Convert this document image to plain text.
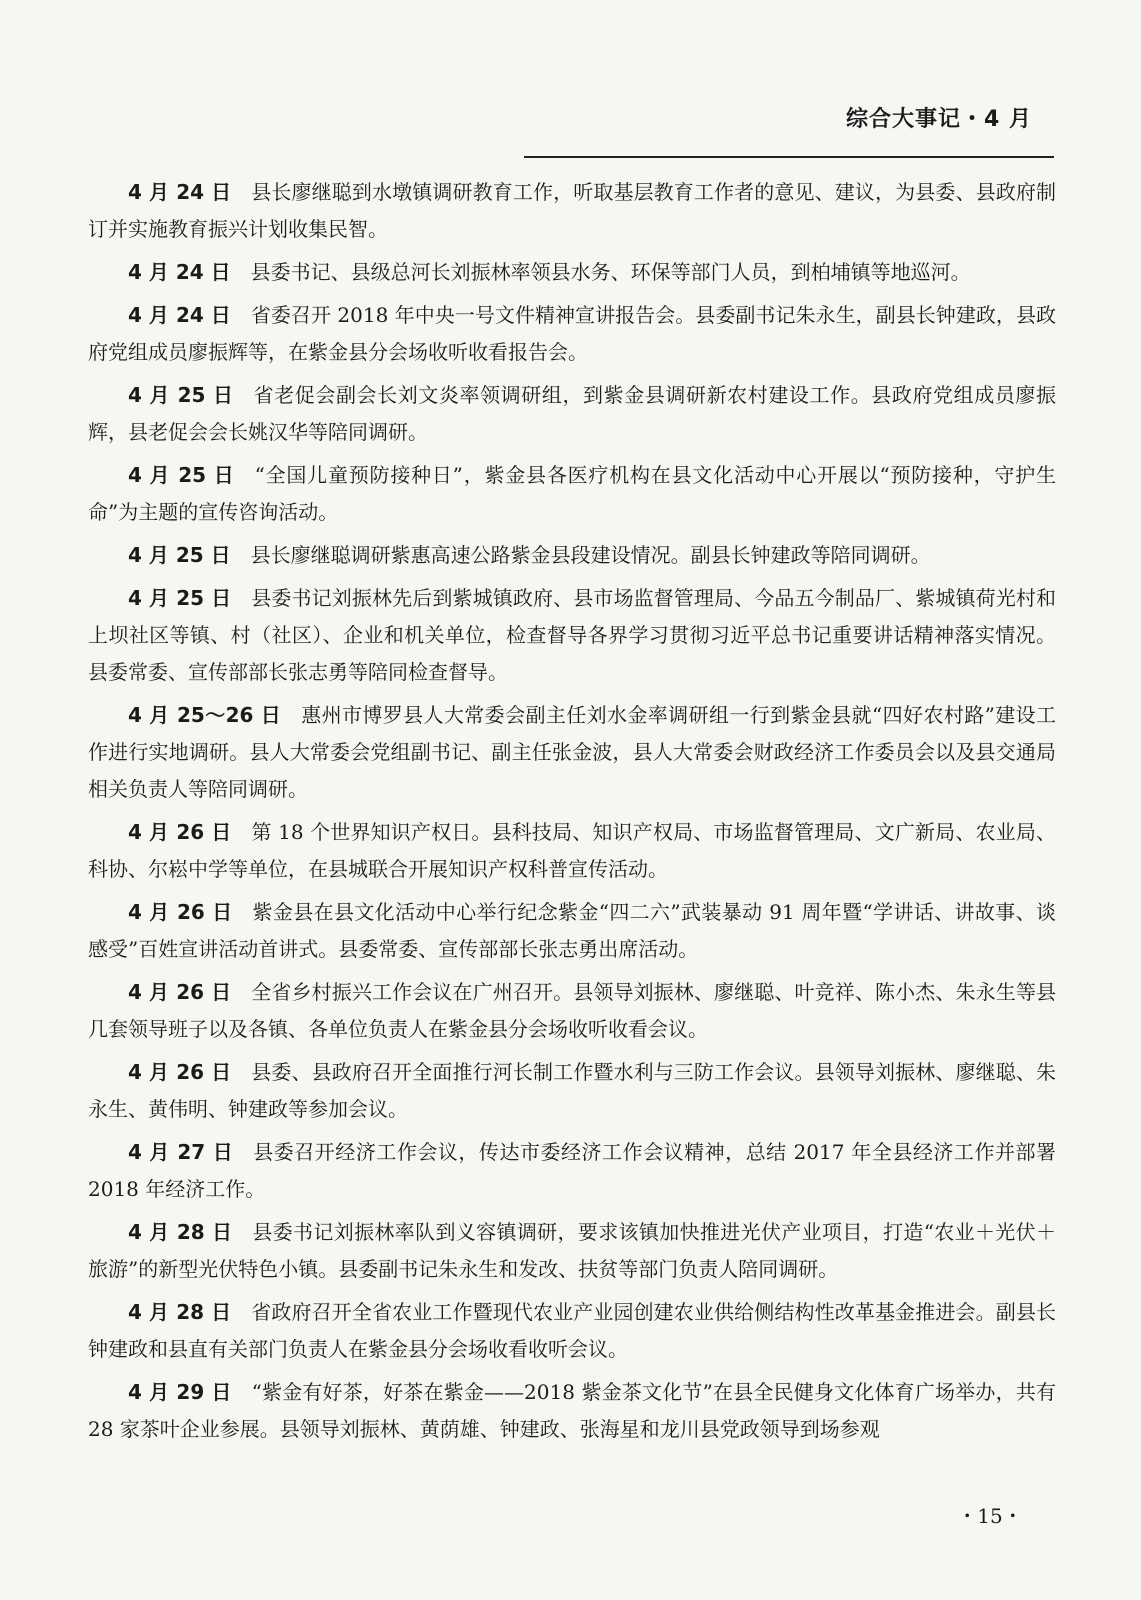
综合大事记・4 月

4 月 24 日 县长廖继聪到水墩镇调研教育工作，听取基层教育工作者的意见、建议，为县委、县政府制订并实施教育振兴计划收集民智。

4 月 24 日 县委书记、县级总河长刘振林率领县水务、环保等部门人员，到柏埔镇等地巡河。

4 月 24 日 省委召开 2018 年中央一号文件精神宣讲报告会。县委副书记朱永生，副县长钟建政，县政府党组成员廖振辉等，在紫金县分会场收听收看报告会。

4 月 25 日 省老促会副会长刘文炎率领调研组，到紫金县调研新农村建设工作。县政府党组成员廖振辉，县老促会会长姚汉华等陪同调研。

4 月 25 日 “全国儿童预防接种日”，紫金县各医疗机构在县文化活动中心开展以“预防接种，守护生命”为主题的宣传咨询活动。

4 月 25 日 县长廖继聪调研紫惠高速公路紫金县段建设情况。副县长钟建政等陪同调研。

4 月 25 日 县委书记刘振林先后到紫城镇政府、县市场监督管理局、今品五今制品厂、紫城镇荷光村和上坝社区等镇、村（社区）、企业和机关单位，检查督导各界学习贯彻习近平总书记重要讲话精神落实情况。县委常委、宣传部部长张志勇等陪同检查督导。

4 月 25～26 日 惠州市博罗县人大常委会副主任刘水金率调研组一行到紫金县就“四好农村路”建设工作进行实地调研。县人大常委会党组副书记、副主任张金波，县人大常委会财政经济工作委员会以及县交通局相关负责人等陪同调研。

4 月 26 日 第 18 个世界知识产权日。县科技局、知识产权局、市场监督管理局、文广新局、农业局、科协、尔崧中学等单位，在县城联合开展知识产权科普宣传活动。

4 月 26 日 紫金县在县文化活动中心举行纪念紫金“四二六”武装暴动 91 周年暨“学讲话、讲故事、谈感受”百姓宣讲活动首讲式。县委常委、宣传部部长张志勇出席活动。

4 月 26 日 全省乡村振兴工作会议在广州召开。县领导刘振林、廖继聪、叶竞祥、陈小杰、朱永生等县几套领导班子以及各镇、各单位负责人在紫金县分会场收听收看会议。

4 月 26 日 县委、县政府召开全面推行河长制工作暨水利与三防工作会议。县领导刘振林、廖继聪、朱永生、黄伟明、钟建政等参加会议。

4 月 27 日 县委召开经济工作会议，传达市委经济工作会议精神，总结 2017 年全县经济工作并部署 2018 年经济工作。

4 月 28 日 县委书记刘振林率队到义容镇调研，要求该镇加快推进光伏产业项目，打造“农业＋光伏＋旅游”的新型光伏特色小镇。县委副书记朱永生和发改、扶贫等部门负责人陪同调研。

4 月 28 日 省政府召开全省农业工作暨现代农业产业园创建农业供给侧结构性改革基金推进会。副县长钟建政和县直有关部门负责人在紫金县分会场收看收听会议。

4 月 29 日 “紫金有好茶，好茶在紫金——2018 紫金茶文化节”在县全民健身文化体育广场举办，共有 28 家茶叶企业参展。县领导刘振林、黄荫雄、钟建政、张海星和龙川县党政领导到场参观

・15・
